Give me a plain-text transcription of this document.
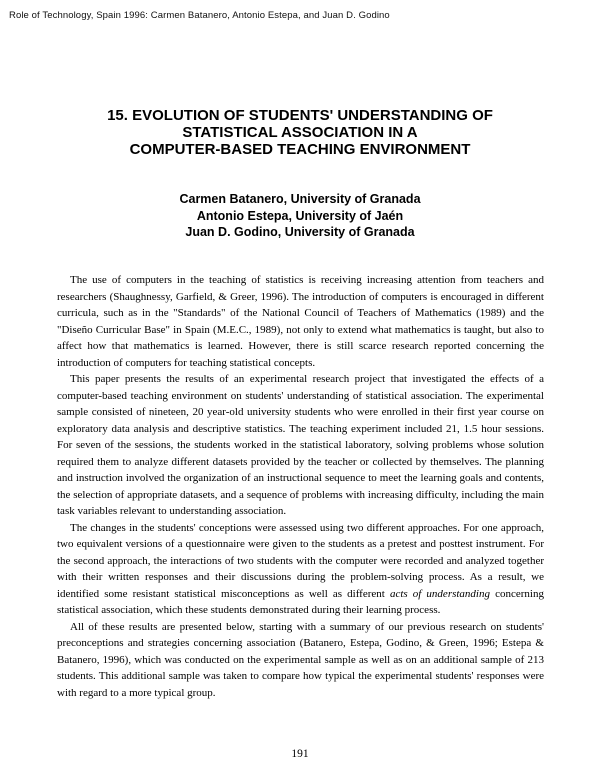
Role of Technology, Spain 1996: Carmen Batanero, Antonio Estepa, and Juan D. Godino
15. EVOLUTION OF STUDENTS' UNDERSTANDING OF
STATISTICAL ASSOCIATION IN A
COMPUTER-BASED TEACHING ENVIRONMENT
Carmen Batanero, University of Granada
Antonio Estepa, University of Jaén
Juan D. Godino, University of Granada

The use of computers in the teaching of statistics is receiving increasing attention from teachers and researchers (Shaughnessy, Garfield, & Greer, 1996). The introduction of computers is encouraged in different curricula, such as in the "Standards" of the National Council of Teachers of Mathematics (1989) and the "Diseño Curricular Base" in Spain (M.E.C., 1989), not only to extend what mathematics is taught, but also to affect how that mathematics is learned. However, there is still scarce research reported concerning the introduction of computers for teaching statistical concepts.

This paper presents the results of an experimental research project that investigated the effects of a computer-based teaching environment on students' understanding of statistical association. The experimental sample consisted of nineteen, 20 year-old university students who were enrolled in their first year course on exploratory data analysis and descriptive statistics. The teaching experiment included 21, 1.5 hour sessions. For seven of the sessions, the students worked in the statistical laboratory, solving problems whose solution required them to analyze different datasets provided by the teacher or collected by themselves. The planning and instruction involved the organization of an instructional sequence to meet the learning goals and contents, the selection of appropriate datasets, and a sequence of problems with increasing difficulty, including the main task variables relevant to understanding association.

The changes in the students' conceptions were assessed using two different approaches. For one approach, two equivalent versions of a questionnaire were given to the students as a pretest and posttest instrument. For the second approach, the interactions of two students with the computer were recorded and analyzed together with their written responses and their discussions during the problem-solving process. As a result, we identified some resistant statistical misconceptions as well as different acts of understanding concerning statistical association, which these students demonstrated during their learning process.

All of these results are presented below, starting with a summary of our previous research on students' preconceptions and strategies concerning association (Batanero, Estepa, Godino, & Green, 1996; Estepa & Batanero, 1996), which was conducted on the experimental sample as well as on an additional sample of 213 students. This additional sample was taken to compare how typical the experimental students' responses were with regard to a more typical group.

191
